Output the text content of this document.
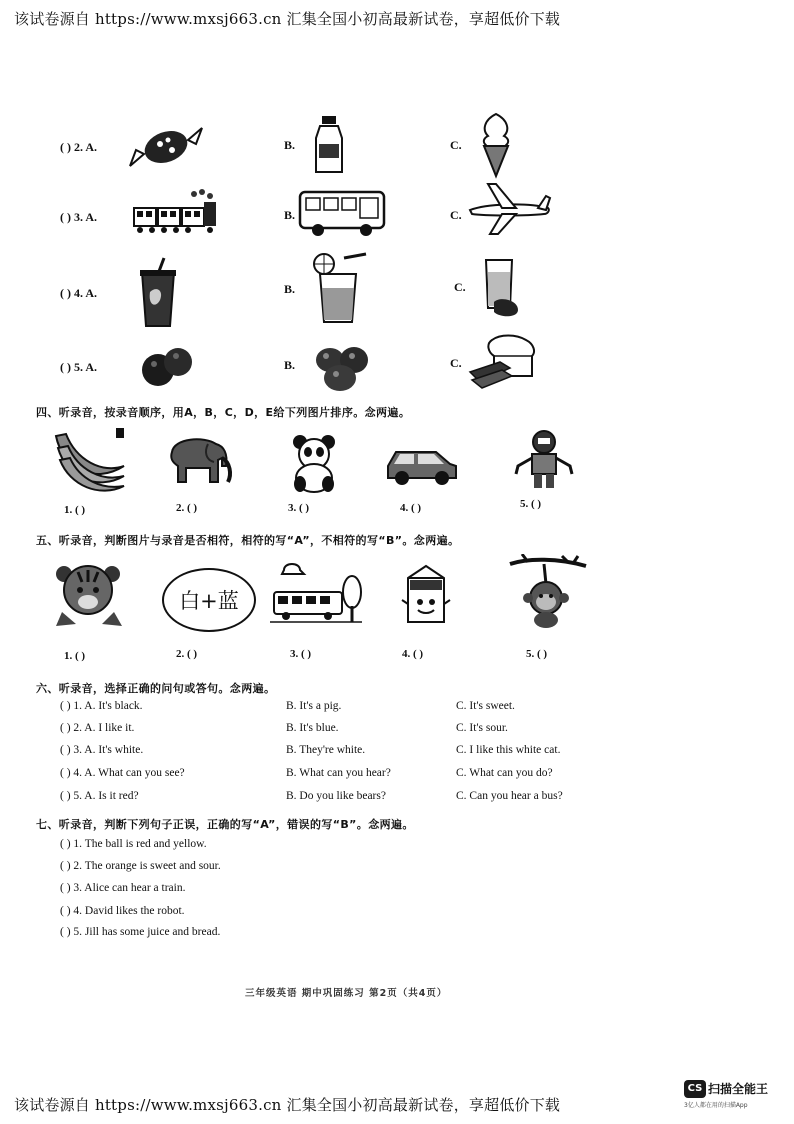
该试卷源自 https://www.mxsj663.cn 汇集全国小初高最新试卷，享超低价下载
( ) 2. A.	B.	C.
( ) 3. A.	B.	C.
( ) 4. A.	B.	C.
( ) 5. A.	B.	C.
四、听录音，按录音顺序，用A，B，C，D，E给下列图片排序。念两遍。
1. ( )	2. ( )	3. ( )	4. ( )	5. ( )
五、听录音，判断图片与录音是否相符，相符的写“A”，不相符的写“B”。念两遍。
白+蓝
1. ( )	2. ( )	3. ( )	4. ( )	5. ( )
六、听录音，选择正确的问句或答句。念两遍。
( ) 1. A. It's black.	B. It's a pig.	C. It's sweet.
( ) 2. A. I like it.	B. It's blue.	C. It's sour.
( ) 3. A. It's white.	B. They're white.	C. I like this white cat.
( ) 4. A. What can you see?	B. What can you hear?	C. What can you do?
( ) 5. A. Is it red?	B. Do you like bears?	C. Can you hear a bus?
七、听录音，判断下列句子正误，正确的写“A”，错误的写“B”。念两遍。
( ) 1. The ball is red and yellow.
( ) 2. The orange is sweet and sour.
( ) 3. Alice can hear a train.
( ) 4. David likes the robot.
( ) 5. Jill has some juice and bread.
三年级英语 期中巩固练习 第2页（共4页）
该试卷源自 https://www.mxsj663.cn 汇集全国小初高最新试卷，享超低价下载
CS 扫描全能王
3亿人都在用的扫描App
